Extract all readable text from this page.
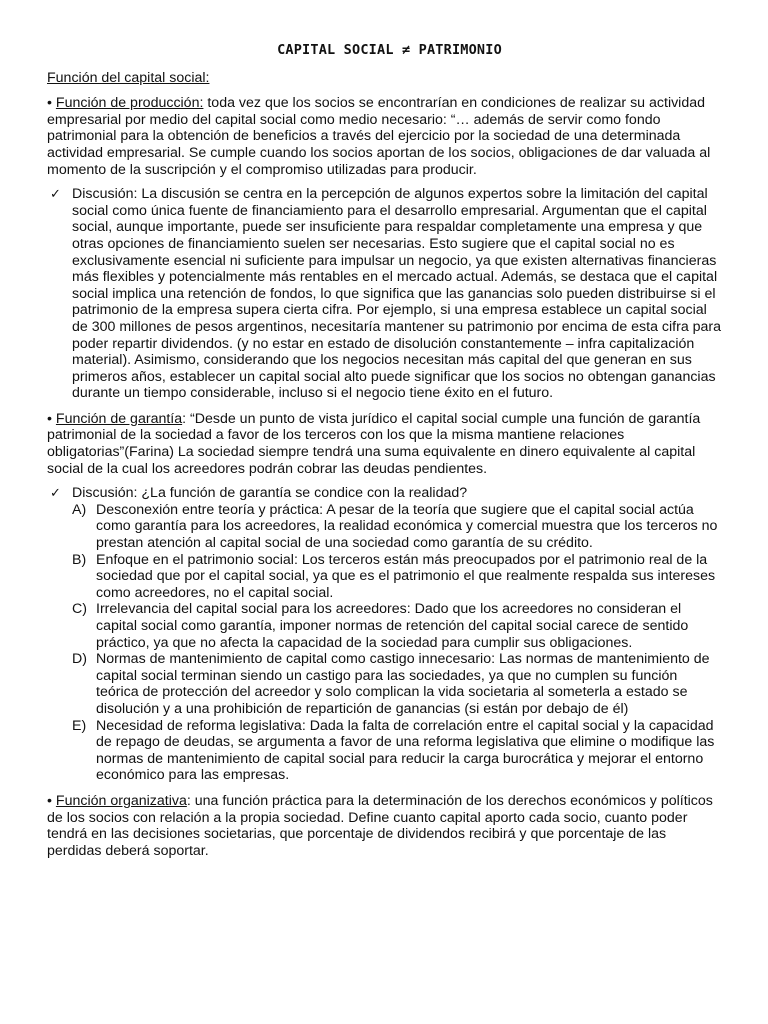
CAPITAL SOCIAL ≠ PATRIMONIO

Función del capital social:

• Función de producción: toda vez que los socios se encontrarían en condiciones de realizar su actividad empresarial por medio del capital social como medio necesario: “… además de servir como fondo patrimonial para la obtención de beneficios a través del ejercicio por la sociedad de una determinada actividad empresarial. Se cumple cuando los socios aportan de los socios, obligaciones de dar valuada al momento de la suscripción y el compromiso utilizadas para producir.

✓ Discusión: La discusión se centra en la percepción de algunos expertos sobre la limitación del capital social como única fuente de financiamiento para el desarrollo empresarial. Argumentan que el capital social, aunque importante, puede ser insuficiente para respaldar completamente una empresa y que otras opciones de financiamiento suelen ser necesarias. Esto sugiere que el capital social no es exclusivamente esencial ni suficiente para impulsar un negocio, ya que existen alternativas financieras más flexibles y potencialmente más rentables en el mercado actual. Además, se destaca que el capital social implica una retención de fondos, lo que significa que las ganancias solo pueden distribuirse si el patrimonio de la empresa supera cierta cifra. Por ejemplo, si una empresa establece un capital social de 300 millones de pesos argentinos, necesitaría mantener su patrimonio por encima de esta cifra para poder repartir dividendos. (y no estar en estado de disolución constantemente – infra capitalización material). Asimismo, considerando que los negocios necesitan más capital del que generan en sus primeros años, establecer un capital social alto puede significar que los socios no obtengan ganancias durante un tiempo considerable, incluso si el negocio tiene éxito en el futuro.

• Función de garantía: “Desde un punto de vista jurídico el capital social cumple una función de garantía patrimonial de la sociedad a favor de los terceros con los que la misma mantiene relaciones obligatorias”(Farina) La sociedad siempre tendrá una suma equivalente en dinero equivalente al capital social de la cual los acreedores podrán cobrar las deudas pendientes.

✓ Discusión: ¿La función de garantía se condice con la realidad?

A) Desconexión entre teoría y práctica: A pesar de la teoría que sugiere que el capital social actúa como garantía para los acreedores, la realidad económica y comercial muestra que los terceros no prestan atención al capital social de una sociedad como garantía de su crédito.
B) Enfoque en el patrimonio social: Los terceros están más preocupados por el patrimonio real de la sociedad que por el capital social, ya que es el patrimonio el que realmente respalda sus intereses como acreedores, no el capital social.
C) Irrelevancia del capital social para los acreedores: Dado que los acreedores no consideran el capital social como garantía, imponer normas de retención del capital social carece de sentido práctico, ya que no afecta la capacidad de la sociedad para cumplir sus obligaciones.
D) Normas de mantenimiento de capital como castigo innecesario: Las normas de mantenimiento de capital social terminan siendo un castigo para las sociedades, ya que no cumplen su función teórica de protección del acreedor y solo complican la vida societaria al someterla a estado se disolución y a una prohibición de repartición de ganancias (si están por debajo de él)
E) Necesidad de reforma legislativa: Dada la falta de correlación entre el capital social y la capacidad de repago de deudas, se argumenta a favor de una reforma legislativa que elimine o modifique las normas de mantenimiento de capital social para reducir la carga burocrática y mejorar el entorno económico para las empresas.

• Función organizativa: una función práctica para la determinación de los derechos económicos y políticos de los socios con relación a la propia sociedad. Define cuanto capital aporto cada socio, cuanto poder tendrá en las decisiones societarias, que porcentaje de dividendos recibirá y que porcentaje de las perdidas deberá soportar.
